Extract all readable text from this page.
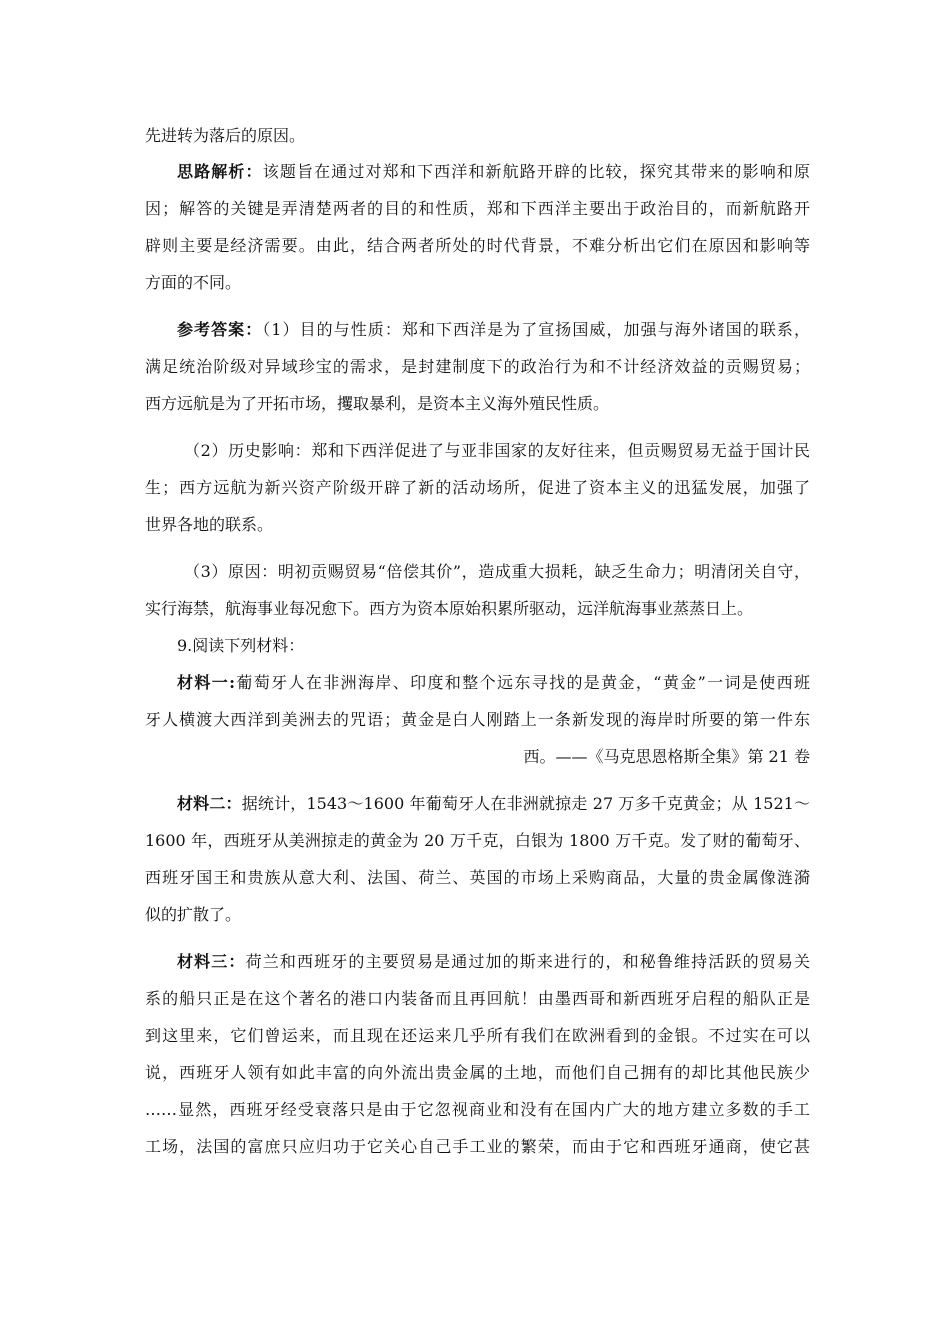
先进转为落后的原因。
思路解析：该题旨在通过对郑和下西洋和新航路开辟的比较，探究其带来的影响和原
因；解答的关键是弄清楚两者的目的和性质，郑和下西洋主要出于政治目的，而新航路开
辟则主要是经济需要。由此，结合两者所处的时代背景，不难分析出它们在原因和影响等
方面的不同。
参考答案：（1）目的与性质：郑和下西洋是为了宣扬国威，加强与海外诸国的联系，
满足统治阶级对异域珍宝的需求，是封建制度下的政治行为和不计经济效益的贡赐贸易；
西方远航是为了开拓市场，攫取暴利，是资本主义海外殖民性质。
（2）历史影响：郑和下西洋促进了与亚非国家的友好往来，但贡赐贸易无益于国计民
生；西方远航为新兴资产阶级开辟了新的活动场所，促进了资本主义的迅猛发展，加强了
世界各地的联系。
（3）原因：明初贡赐贸易“倍偿其价”，造成重大损耗，缺乏生命力；明清闭关自守，
实行海禁，航海事业每况愈下。西方为资本原始积累所驱动，远洋航海事业蒸蒸日上。
9.阅读下列材料：
材料一:葡萄牙人在非洲海岸、印度和整个远东寻找的是黄金，“黄金”一词是使西班
牙人横渡大西洋到美洲去的咒语；黄金是白人刚踏上一条新发现的海岸时所要的第一件东
西。——《马克思恩格斯全集》第 21 卷
材料二：据统计，1543～1600 年葡萄牙人在非洲就掠走 27 万多千克黄金；从 1521～
1600 年，西班牙从美洲掠走的黄金为 20 万千克，白银为 1800 万千克。发了财的葡萄牙、
西班牙国王和贵族从意大利、法国、荷兰、英国的市场上采购商品，大量的贵金属像涟漪
似的扩散了。
材料三：荷兰和西班牙的主要贸易是通过加的斯来进行的，和秘鲁维持活跃的贸易关
系的船只正是在这个著名的港口内装备而且再回航！由墨西哥和新西班牙启程的船队正是
到这里来，它们曾运来，而且现在还运来几乎所有我们在欧洲看到的金银。不过实在可以
说，西班牙人领有如此丰富的向外流出贵金属的土地，而他们自己拥有的却比其他民族少
……显然，西班牙经受衰落只是由于它忽视商业和没有在国内广大的地方建立多数的手工
工场，法国的富庶只应归功于它关心自己手工业的繁荣，而由于它和西班牙通商，使它甚
